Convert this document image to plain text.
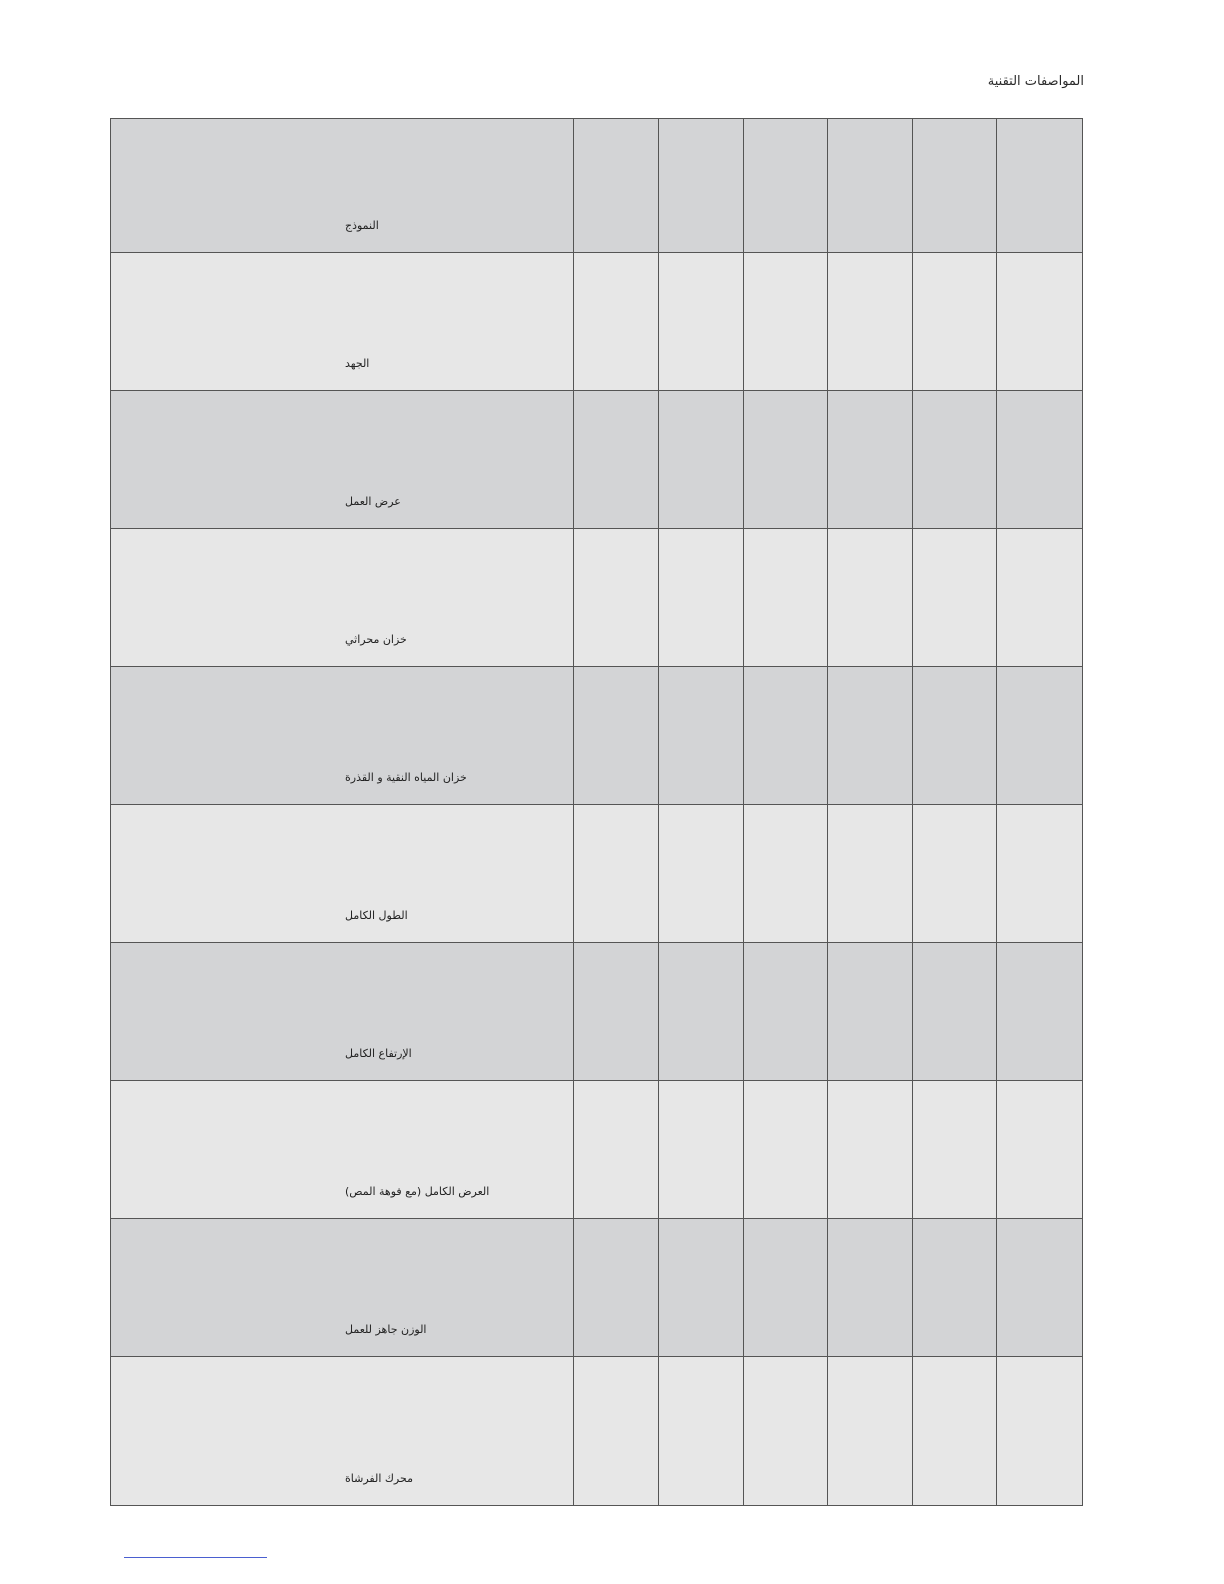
المواصفات التقنية
النموذج						

الجهد						

عرض العمل						

خزان محراثي						

خزان المياه النقية و القذرة						

الطول الكامل						

الإرتفاع الكامل						

العرض الكامل (مع فوهة المص)						

الوزن جاهز للعمل						

محرك الفرشاة						
